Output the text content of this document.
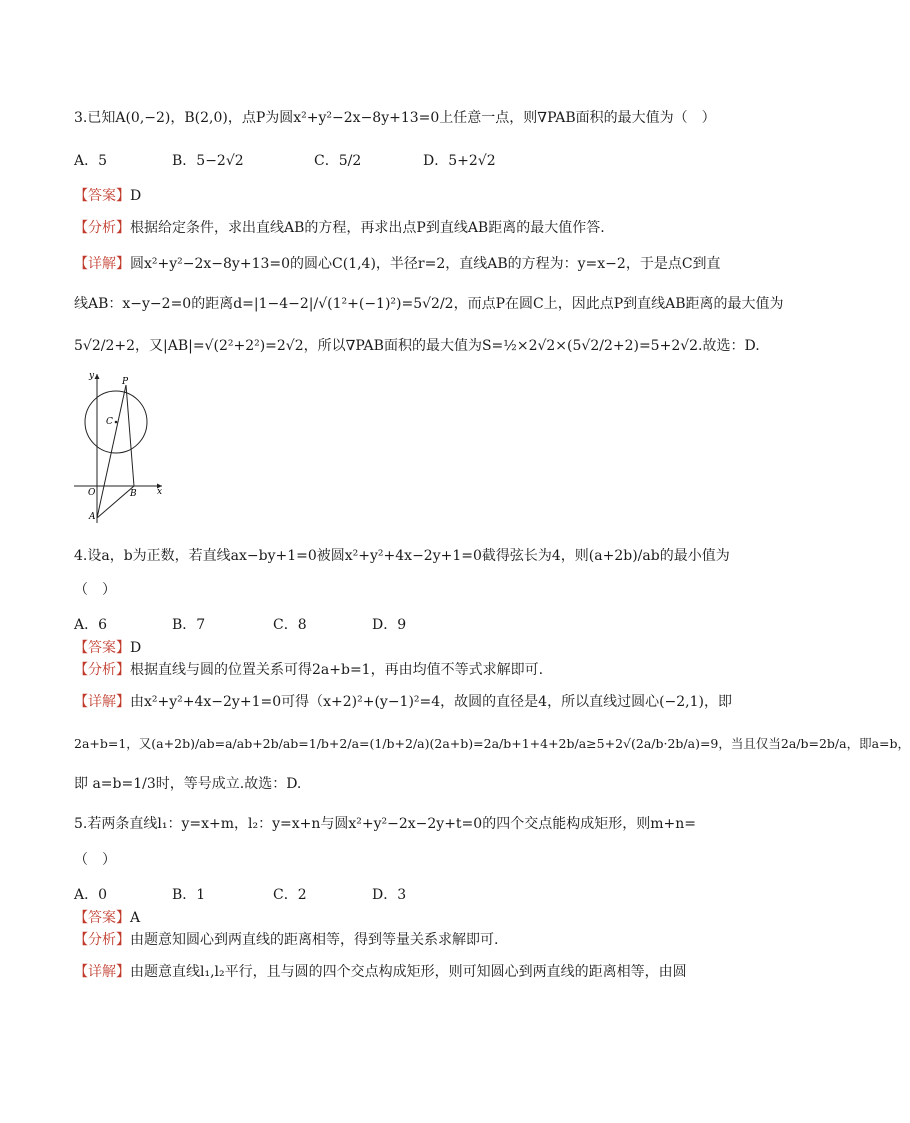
3.已知A(0,−2)，B(2,0)，点P为圆x²+y²−2x−8y+13=0上任意一点，则∇PAB面积的最大值为（　）
A．5	B．5−2√2	C．5/2	D．5+2√2
【答案】D
【分析】根据给定条件，求出直线AB的方程，再求出点P到直线AB距离的最大值作答.
【详解】圆x²+y²−2x−8y+13=0的圆心C(1,4)，半径r=2，直线AB的方程为：y=x−2，于是点C到直
线AB：x−y−2=0的距离d=|1−4−2|/√(1²+(−1)²)=5√2/2，而点P在圆C上，因此点P到直线AB距离的最大值为
5√2/2+2，又|AB|=√(2²+2²)=2√2，所以∇PAB面积的最大值为S=½×2√2×(5√2/2+2)=5+2√2.故选：D.
y
x
O
A
B
C
P
4.设a，b为正数，若直线ax−by+1=0被圆x²+y²+4x−2y+1=0截得弦长为4，则(a+2b)/ab的最小值为
（　）
A．6	B．7	C．8	D．9
【答案】D
【分析】根据直线与圆的位置关系可得2a+b=1，再由均值不等式求解即可.
【详解】由x²+y²+4x−2y+1=0可得（x+2)²+(y−1)²=4，故圆的直径是4，所以直线过圆心(−2,1)，即
2a+b=1，又(a+2b)/ab=a/ab+2b/ab=1/b+2/a=(1/b+2/a)(2a+b)=2a/b+1+4+2b/a≥5+2√(2a/b·2b/a)=9，当且仅当2a/b=2b/a，即a=b，
即 a=b=1/3时，等号成立.故选：D.
5.若两条直线l₁：y=x+m，l₂：y=x+n与圆x²+y²−2x−2y+t=0的四个交点能构成矩形，则m+n=
（　）
A．0	B．1	C．2	D．3
【答案】A
【分析】由题意知圆心到两直线的距离相等，得到等量关系求解即可.
【详解】由题意直线l₁,l₂平行，且与圆的四个交点构成矩形，则可知圆心到两直线的距离相等，由圆
